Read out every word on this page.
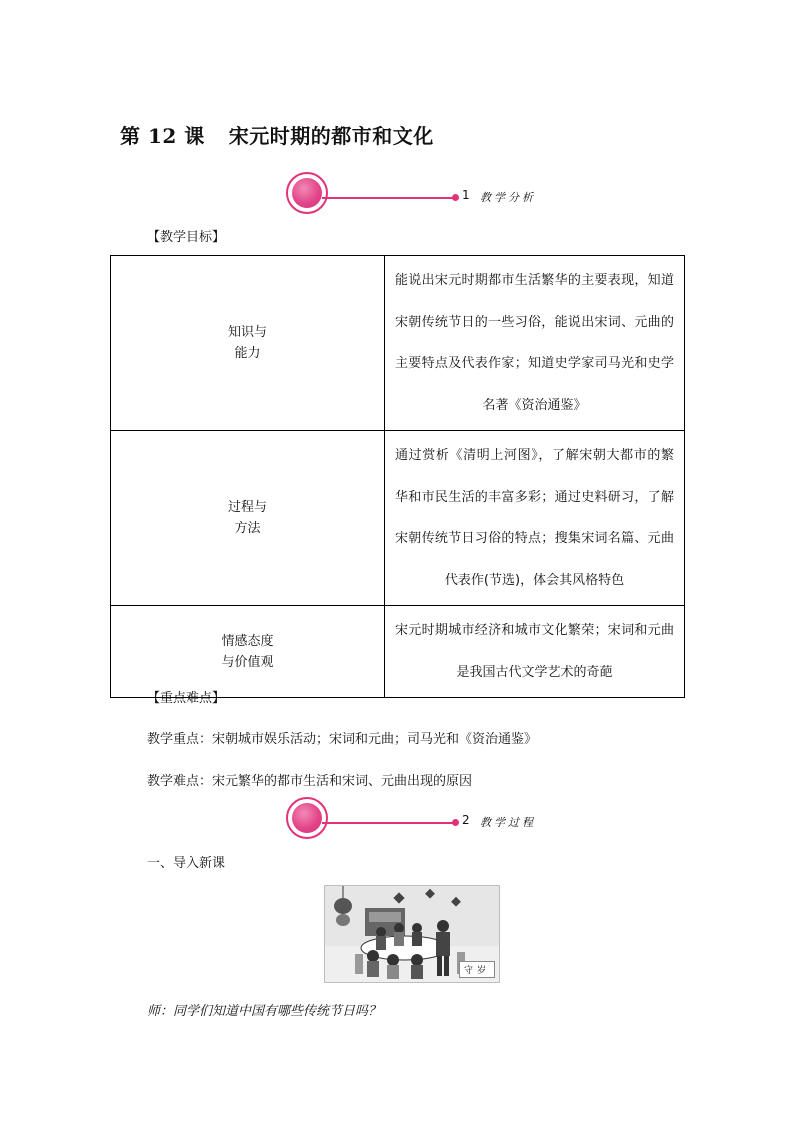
第 12 课 宋元时期的都市和文化
1 教学分析
【教学目标】
知识与
能力	能说出宋元时期都市生活繁华的主要表现，知道宋朝传统节日的一些习俗，能说出宋词、元曲的主要特点及代表作家；知道史学家司马光和史学名著《资治通鉴》

过程与
方法	通过赏析《清明上河图》，了解宋朝大都市的繁华和市民生活的丰富多彩；通过史料研习，了解宋朝传统节日习俗的特点；搜集宋词名篇、元曲代表作(节选)，体会其风格特色

情感态度
与价值观	宋元时期城市经济和城市文化繁荣；宋词和元曲是我国古代文学艺术的奇葩
【重点难点】
教学重点：宋朝城市娱乐活动；宋词和元曲；司马光和《资治通鉴》
教学难点：宋元繁华的都市生活和宋词、元曲出现的原因
2 教学过程
一、导入新课
守岁
师：同学们知道中国有哪些传统节日吗？
